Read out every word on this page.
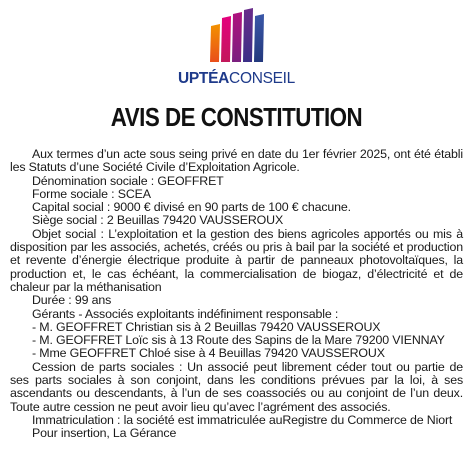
UPTÉACONSEIL
AVIS DE CONSTITUTION

Aux termes d’un acte sous seing privé en date du 1er février 2025, ont été établi les Statuts d’une Société Civile d’Exploitation Agricole.

Dénomination sociale : GEOFFRET

Forme sociale : SCEA

Capital social : 9000 € divisé en 90 parts de 100 € chacune.

Siège social : 2 Beuillas 79420 VAUSSEROUX

Objet social : L’exploitation et la gestion des biens agricoles apportés ou mis à disposition par les associés, achetés, créés ou pris à bail par la société et production et revente d’énergie électrique produite à partir de panneaux photovoltaïques, la production et, le cas échéant, la commercialisation de biogaz, d’électricité et de chaleur par la méthanisation

Durée : 99 ans

Gérants - Associés exploitants indéfiniment responsable :

- M. GEOFFRET Christian sis à 2 Beuillas 79420 VAUSSEROUX

- M. GEOFFRET Loïc sis à 13 Route des Sapins de la Mare 79200 VIENNAY

- Mme GEOFFRET Chloé sise à 4 Beuillas 79420 VAUSSEROUX

Cession de parts sociales : Un associé peut librement céder tout ou partie de ses parts sociales à son conjoint, dans les conditions prévues par la loi, à ses ascendants ou descendants, à l’un de ses coassociés ou au conjoint de l’un deux. Toute autre cession ne peut avoir lieu qu’avec l’agrément des associés.

Immatriculation : la société est immatriculée auRegistre du Commerce de Niort

Pour insertion, La Gérance
